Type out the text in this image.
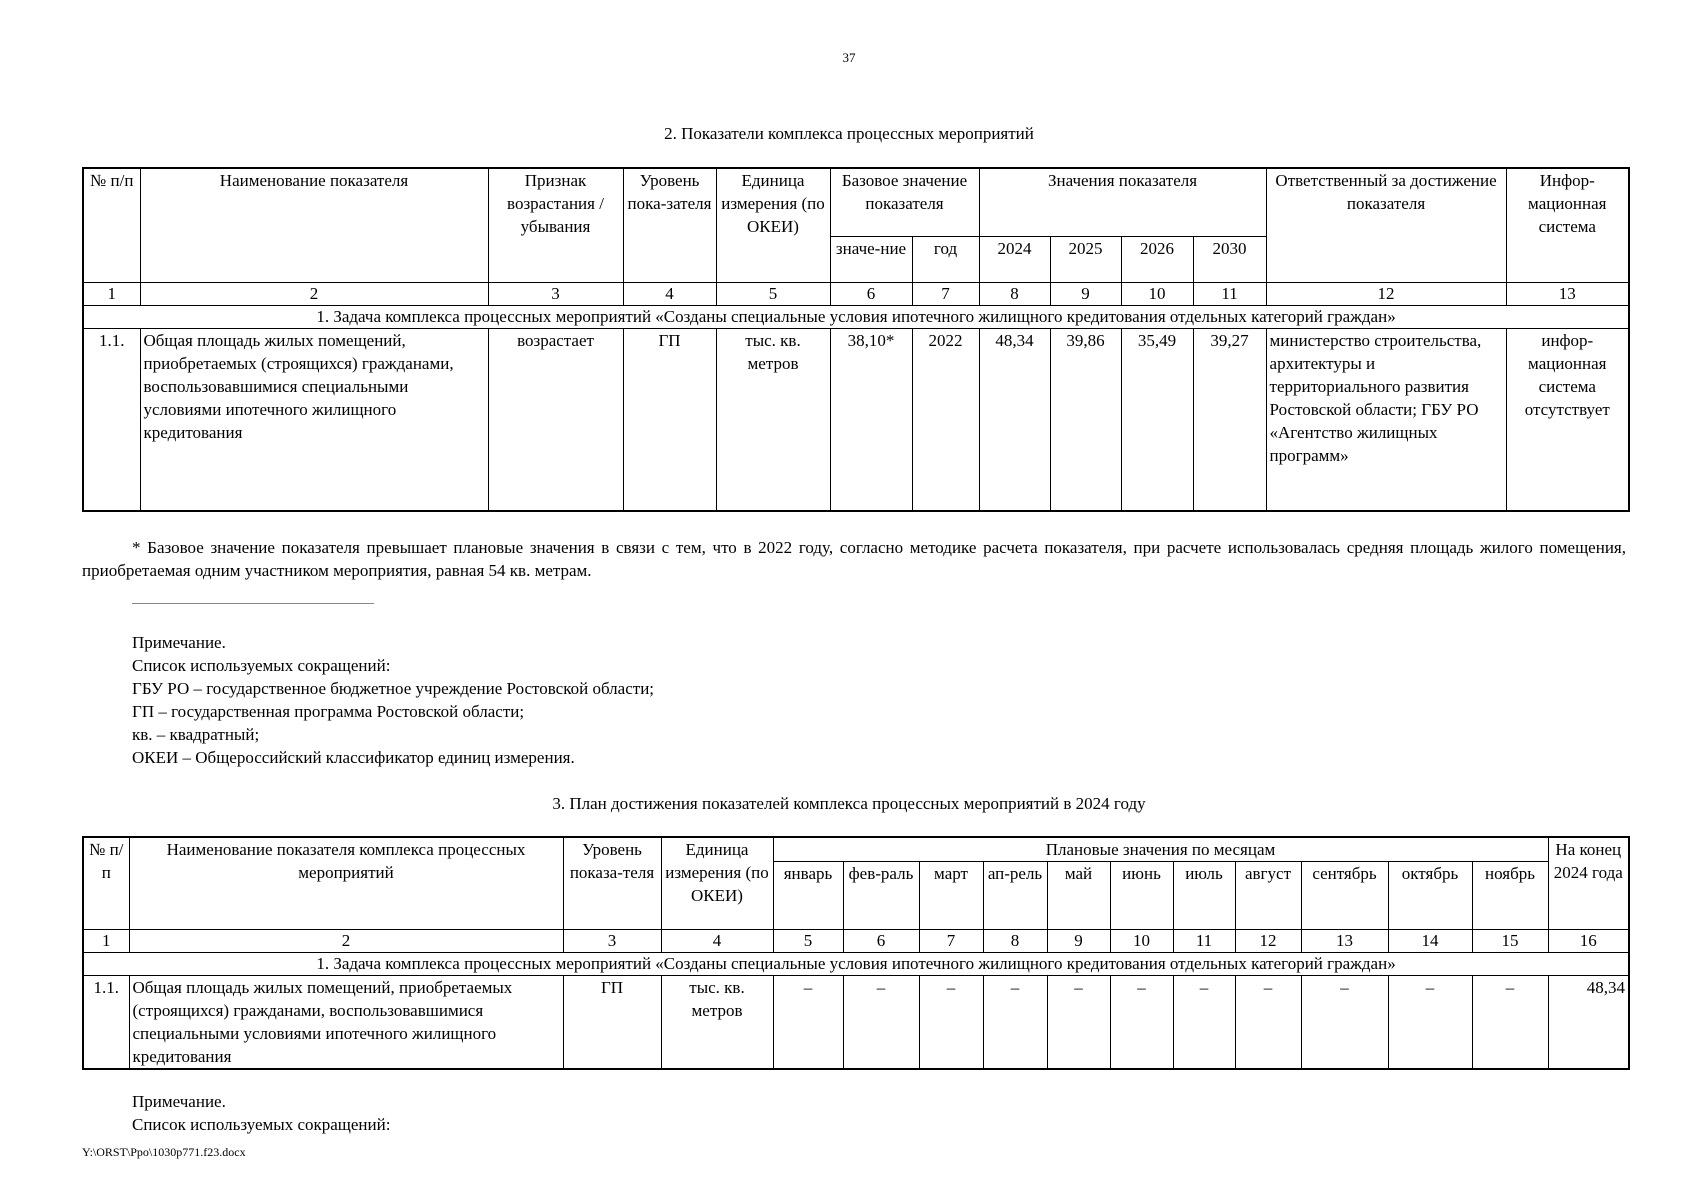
37
2. Показатели комплекса процессных мероприятий
№ п/п	Наименование показателя	Признак возрастания / убывания	Уровень пока-зателя	Единица измерения (по ОКЕИ)	Базовое значение показателя		Значения показателя				Ответственный за достижение показателя	Инфор-мационная система
					значе-ние	год	2024	2025	2026	2030		
1	2	3	4	5	6	7	8	9	10	11	12	13
1. Задача комплекса процессных мероприятий «Созданы специальные условия ипотечного жилищного кредитования отдельных категорий граждан»												
1.1.	Общая площадь жилых помещений, приобретаемых (строящихся) гражданами, воспользовавшимися специальными условиями ипотечного жилищного кредитования	возрастает	ГП	тыс. кв. метров	38,10*	2022	48,34	39,86	35,49	39,27	министерство строительства, архитектуры и территориального развития Ростовской области; ГБУ РО «Агентство жилищных программ»	инфор-мационная система отсутствует
* Базовое значение показателя превышает плановые значения в связи с тем, что в 2022 году, согласно методике расчета показателя, при расчете использовалась средняя площадь жилого помещения, приобретаемая одним участником мероприятия, равная 54 кв. метрам.
Примечание.
Список используемых сокращений:
ГБУ РО – государственное бюджетное учреждение Ростовской области;
ГП – государственная программа Ростовской области;
кв. – квадратный;
ОКЕИ – Общероссийский классификатор единиц измерения.
3. План достижения показателей комплекса процессных мероприятий в 2024 году
№ п/п	Наименование показателя комплекса процессных мероприятий	Уровень показа-теля	Единица измерения (по ОКЕИ)	Плановые значения по месяцам											На конец 2024 года
				январь	фев-раль	март	ап-рель	май	июнь	июль	август	сентябрь	октябрь	ноябрь	
1	2	3	4	5	6	7	8	9	10	11	12	13	14	15	16
1. Задача комплекса процессных мероприятий «Созданы специальные условия ипотечного жилищного кредитования отдельных категорий граждан»															
1.1.	Общая площадь жилых помещений, приобретаемых (строящихся) гражданами, воспользовавшимися специальными условиями ипотечного жилищного кредитования	ГП	тыс. кв. метров	–	–	–	–	–	–	–	–	–	–	–	48,34
Примечание.
Список используемых сокращений:
Y:\ORST\Ppo\1030p771.f23.docx
